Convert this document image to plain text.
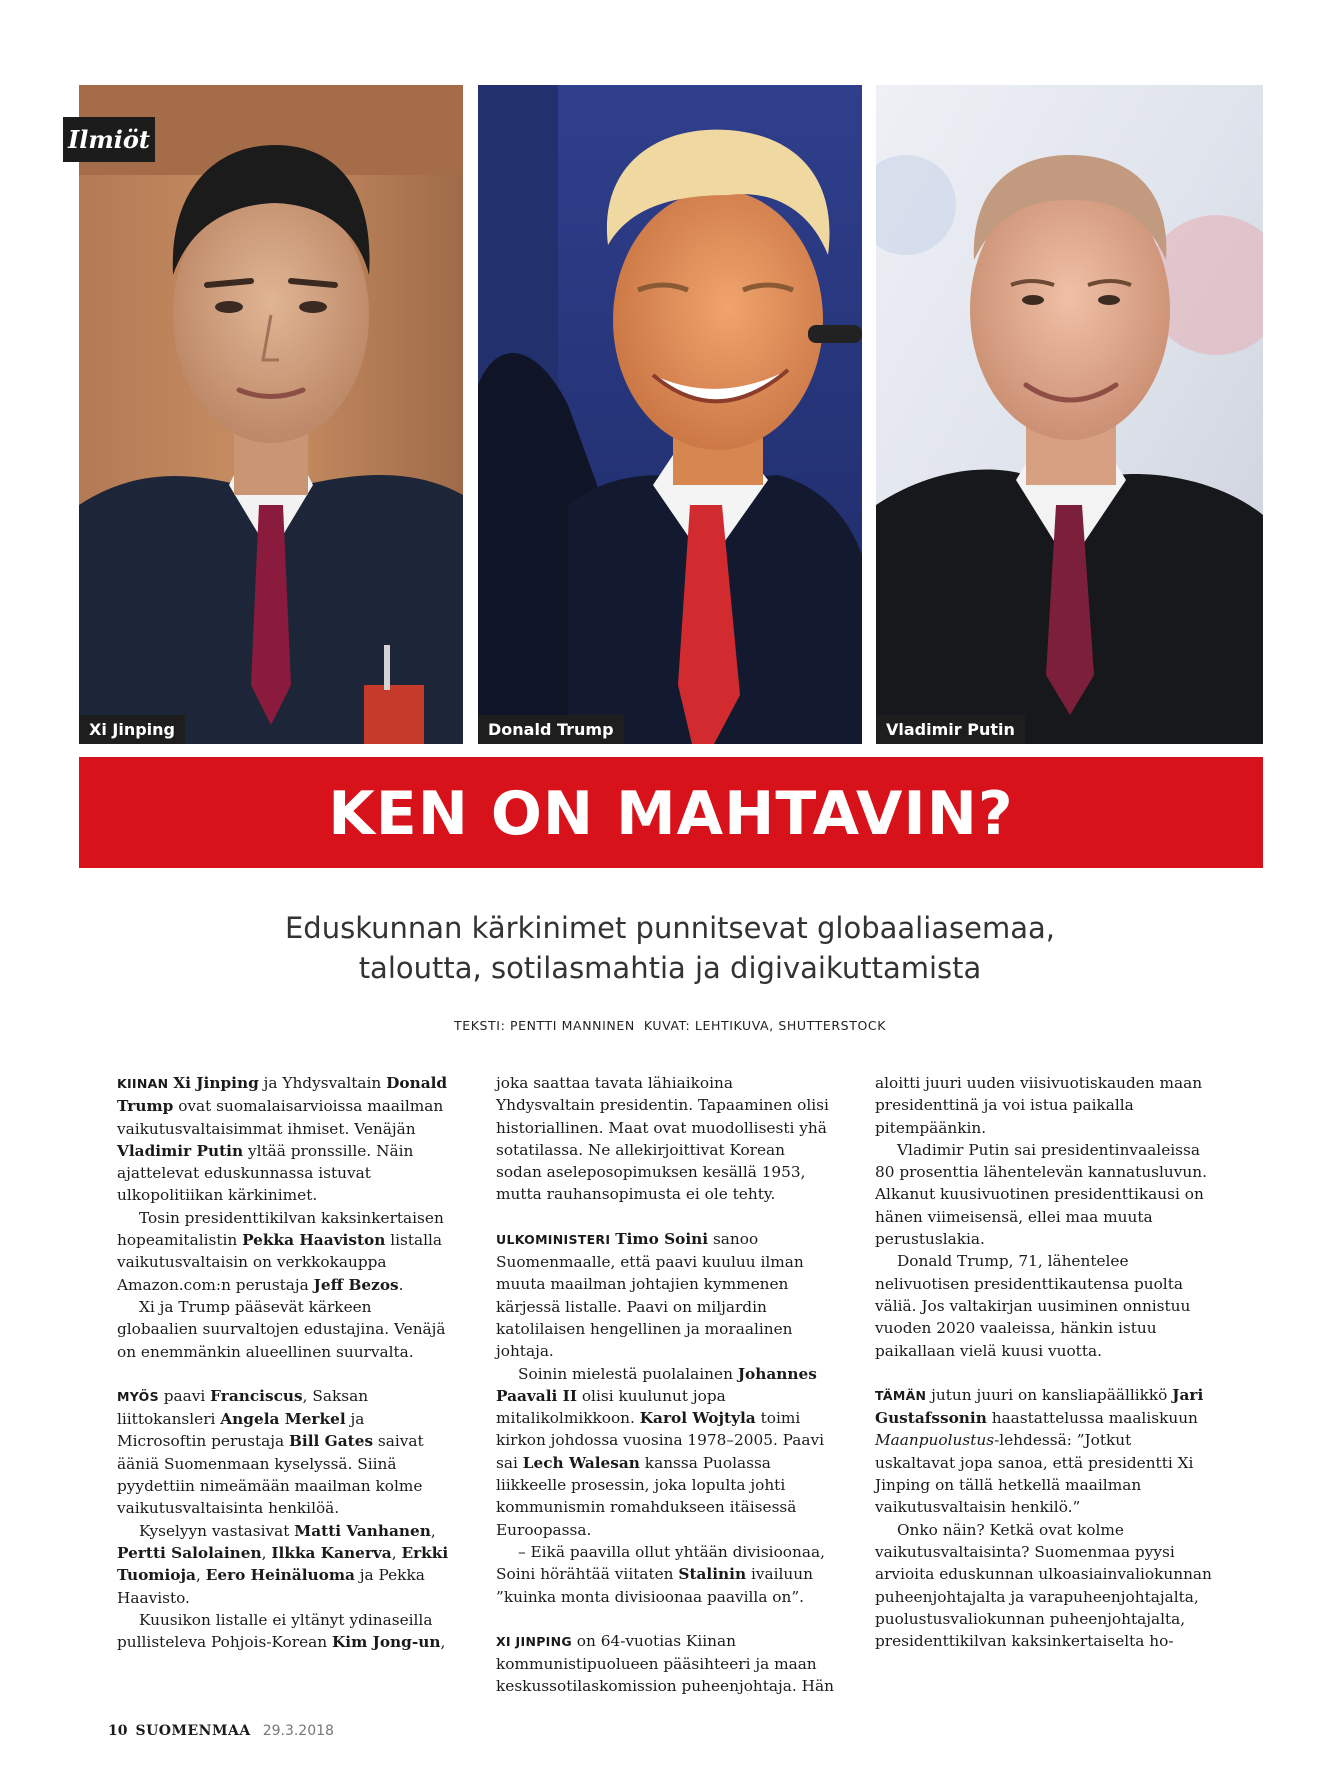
Ilmiöt
Xi Jinping	Donald Trump	Vladimir Putin
KEN ON MAHTAVIN?
Eduskunnan kärkinimet punnitsevat globaaliasemaa,
taloutta, sotilasmahtia ja digivaikuttamista
TEKSTI: PENTTI MANNINEN  KUVAT: LEHTIKUVA, SHUTTERSTOCK

KIINAN Xi Jinping ja Yhdysvaltain Donald Trump ovat suomalaisarvioissa maailman vaikutusvaltaisimmat ihmiset. Venäjän Vladimir Putin yltää pronssille. Näin ajattelevat eduskunnassa istuvat ulkopolitiikan kärkinimet.

Tosin presidenttikilvan kaksinkertaisen hopeamitalistin Pekka Haaviston listalla vaikutusvaltaisin on verkkokauppa Amazon.com:n perustaja Jeff Bezos.

Xi ja Trump pääsevät kärkeen globaalien suurvaltojen edustajina. Venäjä on enemmänkin alueellinen suurvalta.

MYÖS paavi Franciscus, Saksan liittokansleri Angela Merkel ja Microsoftin perustaja Bill Gates saivat ääniä Suomenmaan kyselyssä. Siinä pyydettiin nimeämään maailman kolme vaikutusvaltaisinta henkilöä.

Kyselyyn vastasivat Matti Vanhanen, Pertti Salolainen, Ilkka Kanerva, Erkki Tuomioja, Eero Heinäluoma ja Pekka Haavisto.

Kuusikon listalle ei yltänyt ydinaseilla pullisteleva Pohjois-Korean Kim Jong-un,

joka saattaa tavata lähiaikoina Yhdysvaltain presidentin. Tapaaminen olisi historiallinen. Maat ovat muodollisesti yhä sotatilassa. Ne allekirjoittivat Korean sodan aseleposopimuksen kesällä 1953, mutta rauhansopimusta ei ole tehty.

ULKOMINISTERI Timo Soini sanoo Suomenmaalle, että paavi kuuluu ilman muuta maailman johtajien kymmenen kärjessä listalle. Paavi on miljardin katolilaisen hengellinen ja moraalinen johtaja.

Soinin mielestä puolalainen Johannes Paavali II olisi kuulunut jopa mitalikolmikkoon. Karol Wojtyla toimi kirkon johdossa vuosina 1978–2005. Paavi sai Lech Walesan kanssa Puolassa liikkeelle prosessin, joka lopulta johti kommunismin romahdukseen itäisessä Euroopassa.

– Eikä paavilla ollut yhtään divisioonaa, Soini hörähtää viitaten Stalinin ivailuun ”kuinka monta divisioonaa paavilla on”.

XI JINPING on 64-vuotias Kiinan kommunistipuolueen pääsihteeri ja maan keskussotilaskomission puheenjohtaja. Hän

aloitti juuri uuden viisivuotiskauden maan presidenttinä ja voi istua paikalla pitempäänkin.

Vladimir Putin sai presidentinvaaleissa 80 prosenttia lähentelevän kannatusluvun. Alkanut kuusivuotinen presidenttikausi on hänen viimeisensä, ellei maa muuta perustuslakia.

Donald Trump, 71, lähentelee nelivuotisen presidenttikautensa puolta väliä. Jos valtakirjan uusiminen onnistuu vuoden 2020 vaaleissa, hänkin istuu paikallaan vielä kuusi vuotta.

TÄMÄN jutun juuri on kansliapäällikkö Jari Gustafssonin haastattelussa maaliskuun Maanpuolustus-lehdessä: ”Jotkut uskaltavat jopa sanoa, että presidentti Xi Jinping on tällä hetkellä maailman vaikutusvaltaisin henkilö.”

Onko näin? Ketkä ovat kolme vaikutusvaltaisinta? Suomenmaa pyysi arvioita eduskunnan ulkoasiainvaliokunnan puheenjohtajalta ja varapuheenjohtajalta, puolustusvaliokunnan puheenjohtajalta, presidenttikilvan kaksinkertaiselta ho-

10 SUOMENMAA 29.3.2018
